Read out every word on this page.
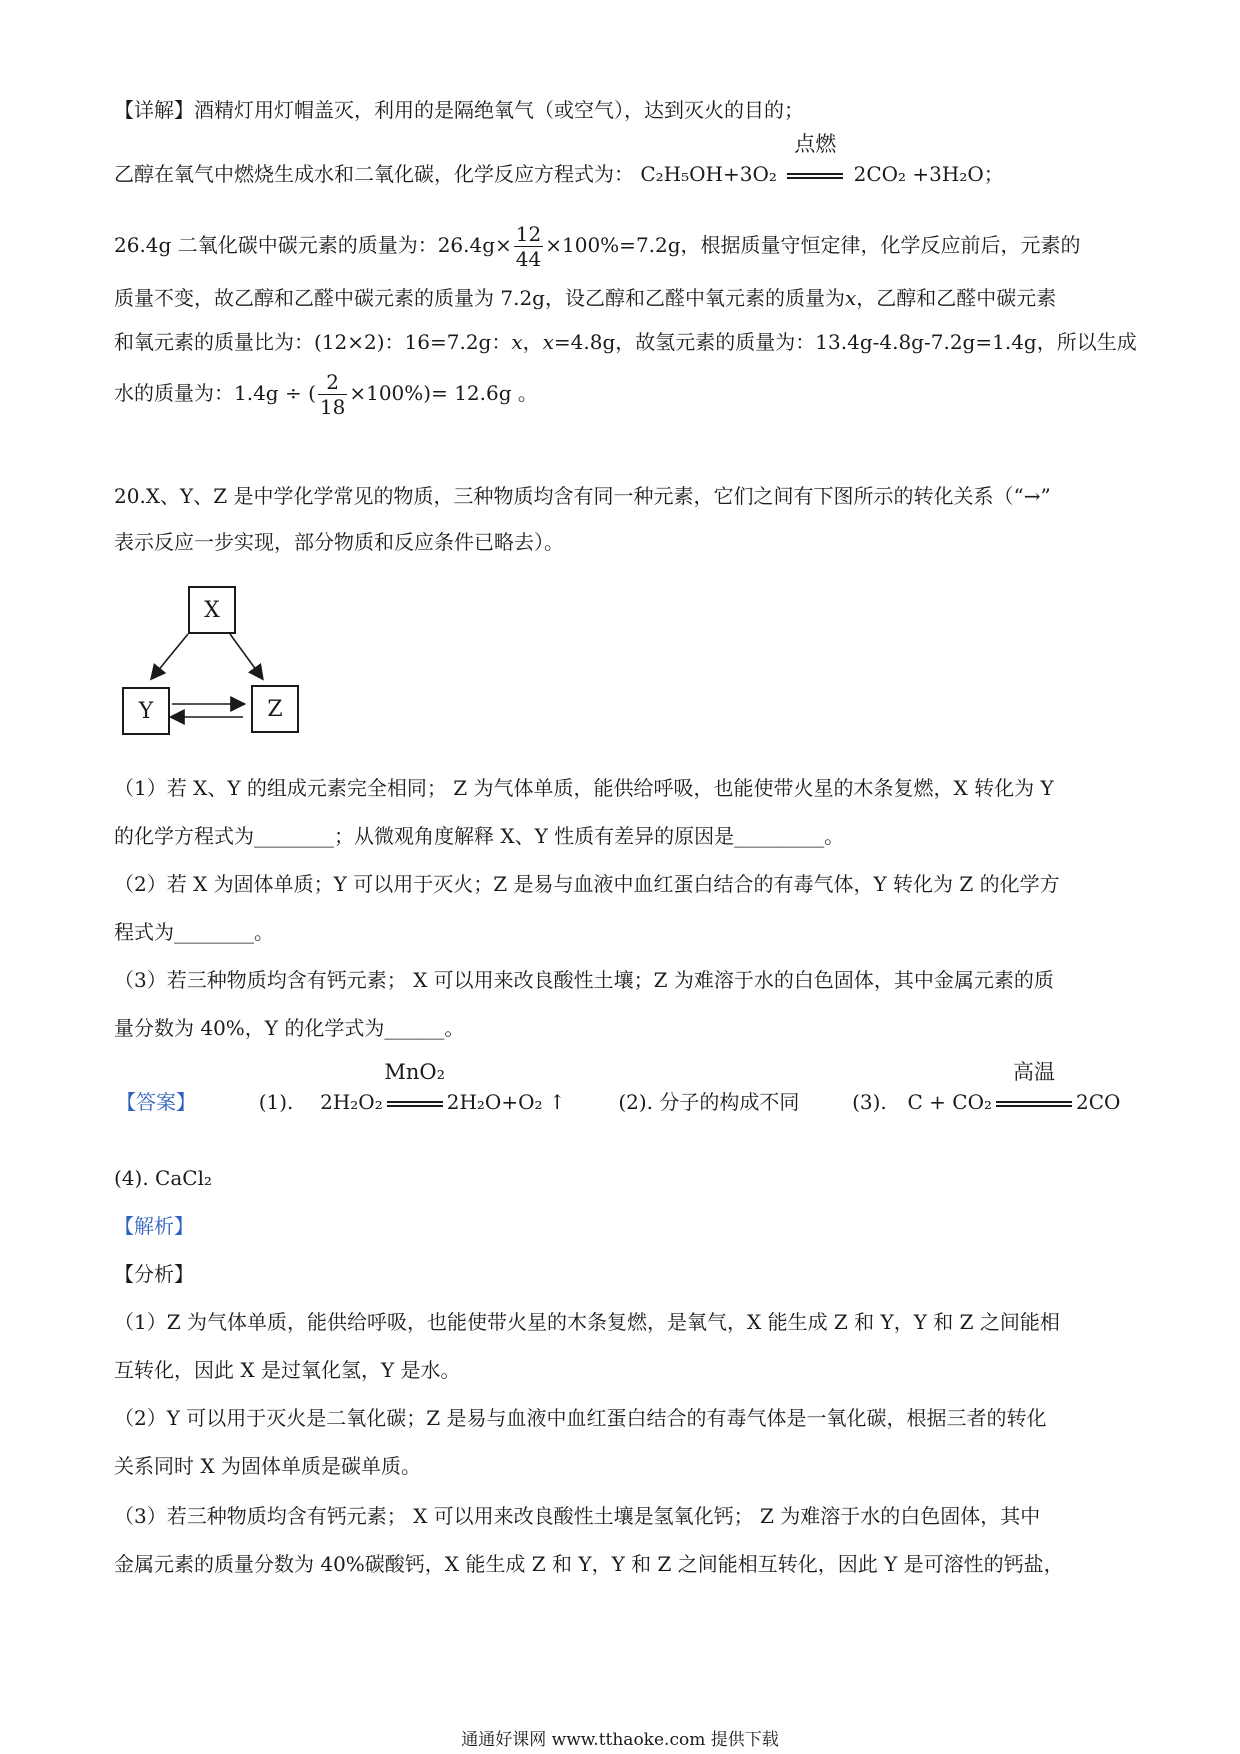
【详解】酒精灯用灯帽盖灭，利用的是隔绝氧气（或空气），达到灭火的目的；
乙醇在氧气中燃烧生成水和二氧化碳，化学反应方程式为： C₂H₅OH+3O₂
点燃
2CO₂ +3H₂O；
26.4g 二氧化碳中碳元素的质量为：$26.4g\times \frac{12}{44} \times 100\%=7.2g$，根据质量守恒定律，化学反应前后，元素的
质量不变，故乙醇和乙醛中碳元素的质量为 7.2g，设乙醇和乙醛中氧元素的质量为x，乙醇和乙醛中碳元素
和氧元素的质量比为：(12×2)：16=7.2g：x，x=4.8g，故氢元素的质量为：13.4g-4.8g-7.2g=1.4g，所以生成
水的质量为：1.4g ÷ ( $\frac{2}{18} \times 100\%)= 12.6g$ 。
20.X、Y、Z 是中学化学常见的物质，三种物质均含有同一种元素，它们之间有下图所示的转化关系（“→”
表示反应一步实现，部分物质和反应条件已略去）。
X
Y	Z
（1）若 X、Y 的组成元素完全相同； Z 为气体单质，能供给呼吸，也能使带火星的木条复燃，X 转化为 Y
的化学方程式为________；从微观角度解释 X、Y 性质有差异的原因是_________。
（2）若 X 为固体单质；Y 可以用于灭火；Z 是易与血液中血红蛋白结合的有毒气体，Y 转化为 Z 的化学方
程式为________。
（3）若三种物质均含有钙元素； X 可以用来改良酸性土壤；Z 为难溶于水的白色固体，其中金属元素的质
量分数为 40%，Y 的化学式为______。
【答案】	(1). 2H₂O₂
MnO₂
2H₂O+O₂ ↑	(2). 分子的构成不同	(3). C + CO₂
高温
2CO
(4). CaCl₂
【解析】
【分析】
（1）Z 为气体单质，能供给呼吸，也能使带火星的木条复燃，是氧气，X 能生成 Z 和 Y，Y 和 Z 之间能相
互转化，因此 X 是过氧化氢，Y 是水。
（2）Y 可以用于灭火是二氧化碳；Z 是易与血液中血红蛋白结合的有毒气体是一氧化碳，根据三者的转化
关系同时 X 为固体单质是碳单质。
（3）若三种物质均含有钙元素； X 可以用来改良酸性土壤是氢氧化钙； Z 为难溶于水的白色固体，其中
金属元素的质量分数为 40%碳酸钙，X 能生成 Z 和 Y，Y 和 Z 之间能相互转化，因此 Y 是可溶性的钙盐，
通通好课网 www.tthaoke.com 提供下载
